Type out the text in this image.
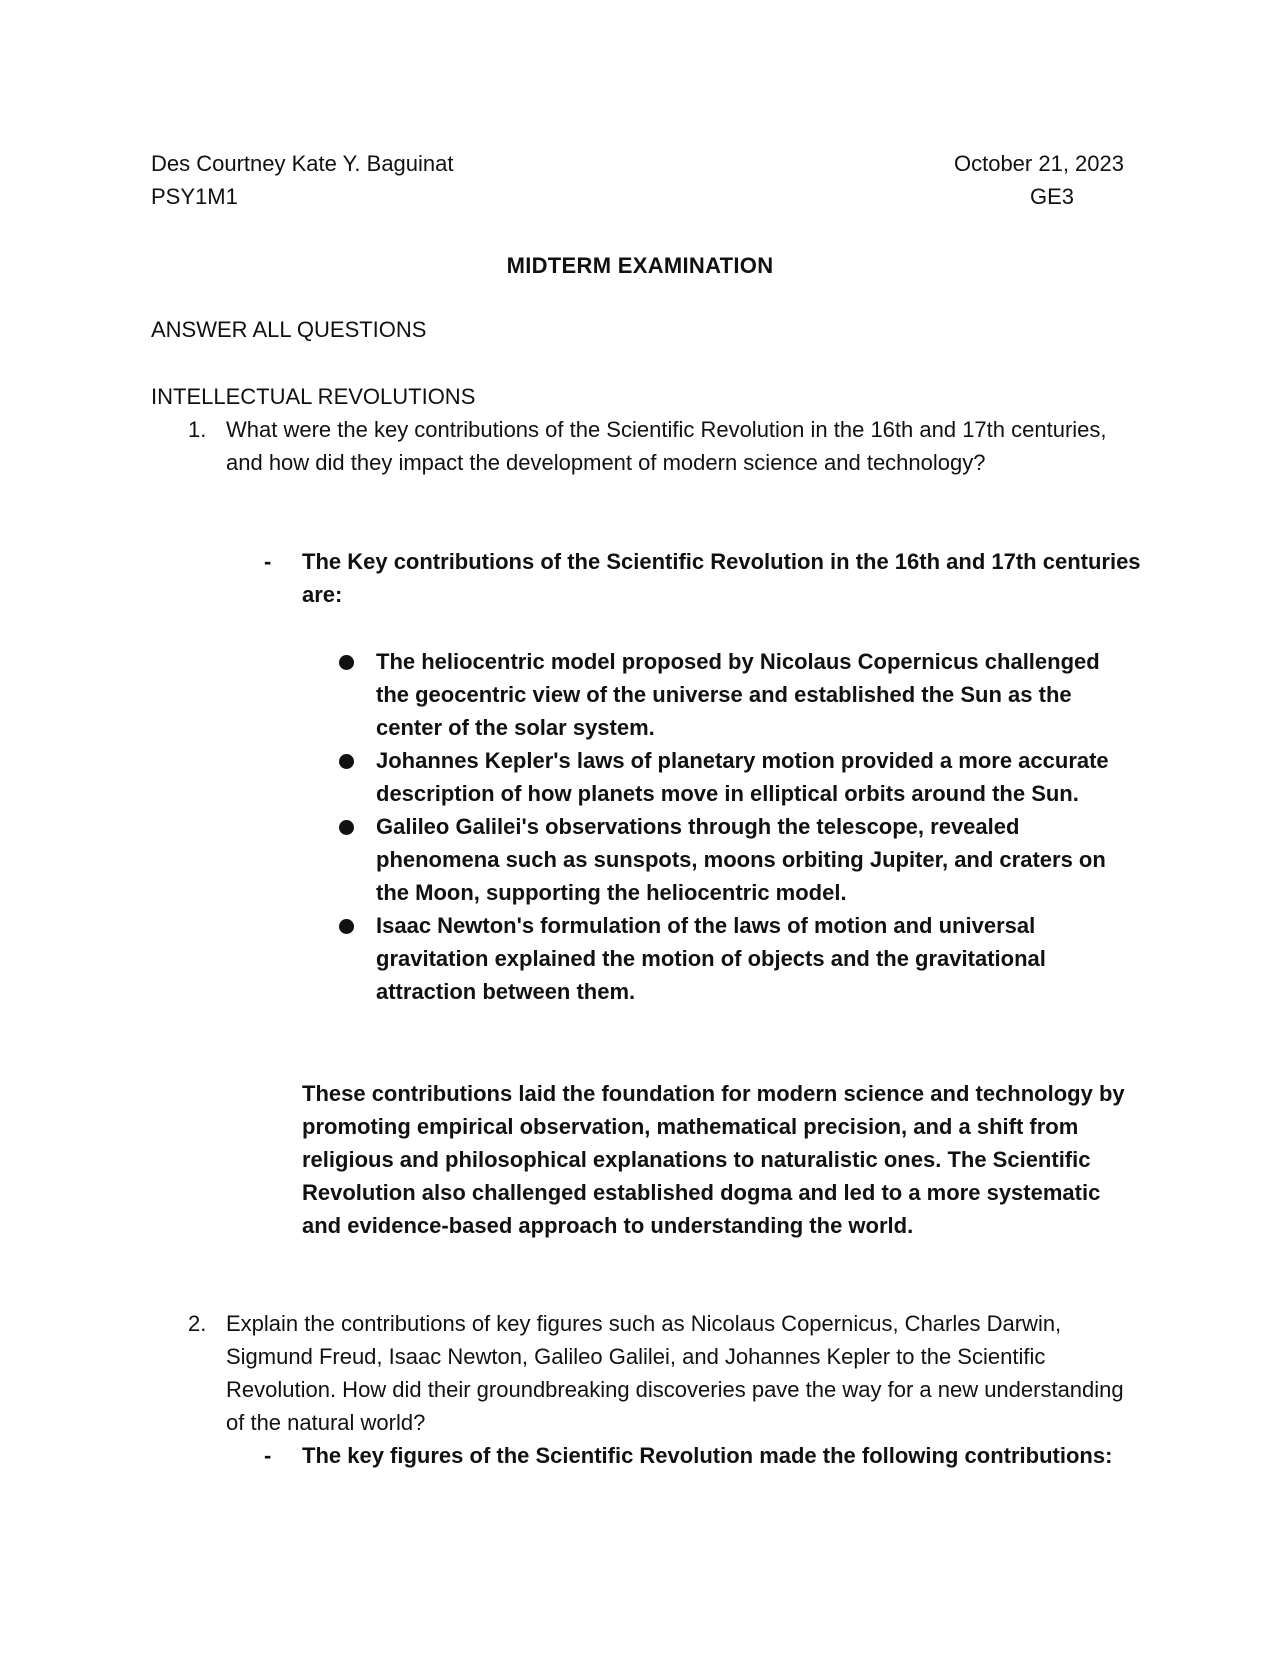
Des Courtney Kate Y. Baguinat
PSY1M1
October 21, 2023
GE3
MIDTERM EXAMINATION
ANSWER ALL QUESTIONS
INTELLECTUAL REVOLUTIONS
1. What were the key contributions of the Scientific Revolution in the 16th and 17th centuries, and how did they impact the development of modern science and technology?
- The Key contributions of the Scientific Revolution in the 16th and 17th centuries are:
The heliocentric model proposed by Nicolaus Copernicus challenged the geocentric view of the universe and established the Sun as the center of the solar system.
Johannes Kepler's laws of planetary motion provided a more accurate description of how planets move in elliptical orbits around the Sun.
Galileo Galilei's observations through the telescope, revealed phenomena such as sunspots, moons orbiting Jupiter, and craters on the Moon, supporting the heliocentric model.
Isaac Newton's formulation of the laws of motion and universal gravitation explained the motion of objects and the gravitational attraction between them.
These contributions laid the foundation for modern science and technology by promoting empirical observation, mathematical precision, and a shift from religious and philosophical explanations to naturalistic ones. The Scientific Revolution also challenged established dogma and led to a more systematic and evidence-based approach to understanding the world.
2. Explain the contributions of key figures such as Nicolaus Copernicus, Charles Darwin, Sigmund Freud, Isaac Newton, Galileo Galilei, and Johannes Kepler to the Scientific Revolution. How did their groundbreaking discoveries pave the way for a new understanding of the natural world?
- The key figures of the Scientific Revolution made the following contributions:
